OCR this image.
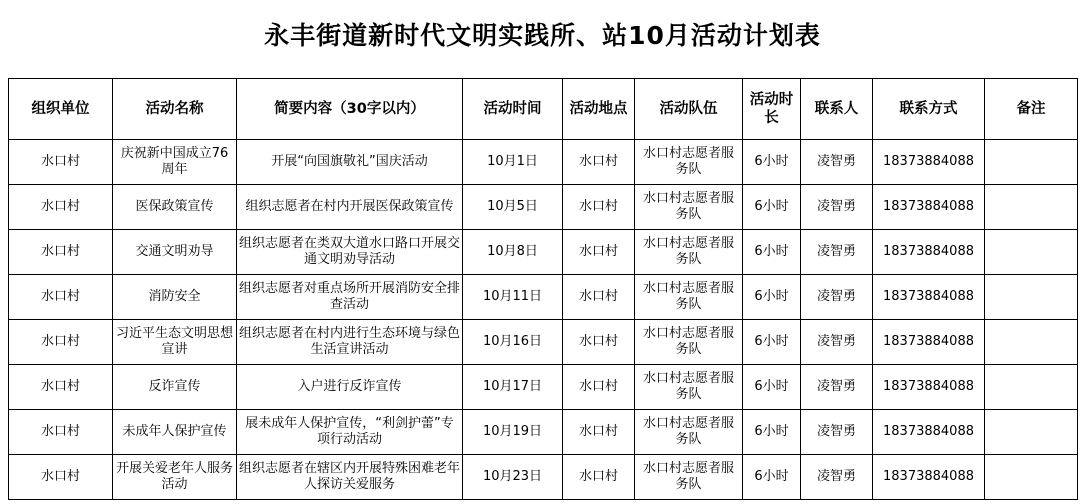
永丰街道新时代文明实践所、站10月活动计划表
组织单位	活动名称	简要内容（30字以内）	活动时间	活动地点	活动队伍	活动时长	联系人	联系方式	备注
水口村	庆祝新中国成立76周年	开展“向国旗敬礼”国庆活动	10月1日	水口村	水口村志愿者服务队	6小时	凌智勇	18373884088	
水口村	医保政策宣传	组织志愿者在村内开展医保政策宣传	10月5日	水口村	水口村志愿者服务队	6小时	凌智勇	18373884088	
水口村	交通文明劝导	组织志愿者在类双大道水口路口开展交通文明劝导活动	10月8日	水口村	水口村志愿者服务队	6小时	凌智勇	18373884088	
水口村	消防安全	组织志愿者对重点场所开展消防安全排查活动	10月11日	水口村	水口村志愿者服务队	6小时	凌智勇	18373884088	
水口村	习近平生态文明思想宣讲	组织志愿者在村内进行生态环境与绿色生活宣讲活动	10月16日	水口村	水口村志愿者服务队	6小时	凌智勇	18373884088	
水口村	反诈宣传	入户进行反诈宣传	10月17日	水口村	水口村志愿者服务队	6小时	凌智勇	18373884088	
水口村	未成年人保护宣传	展未成年人保护宣传，“利剑护蕾”专项行动活动	10月19日	水口村	水口村志愿者服务队	6小时	凌智勇	18373884088	
水口村	开展关爱老年人服务活动	组织志愿者在辖区内开展特殊困难老年人探访关爱服务	10月23日	水口村	水口村志愿者服务队	6小时	凌智勇	18373884088	
